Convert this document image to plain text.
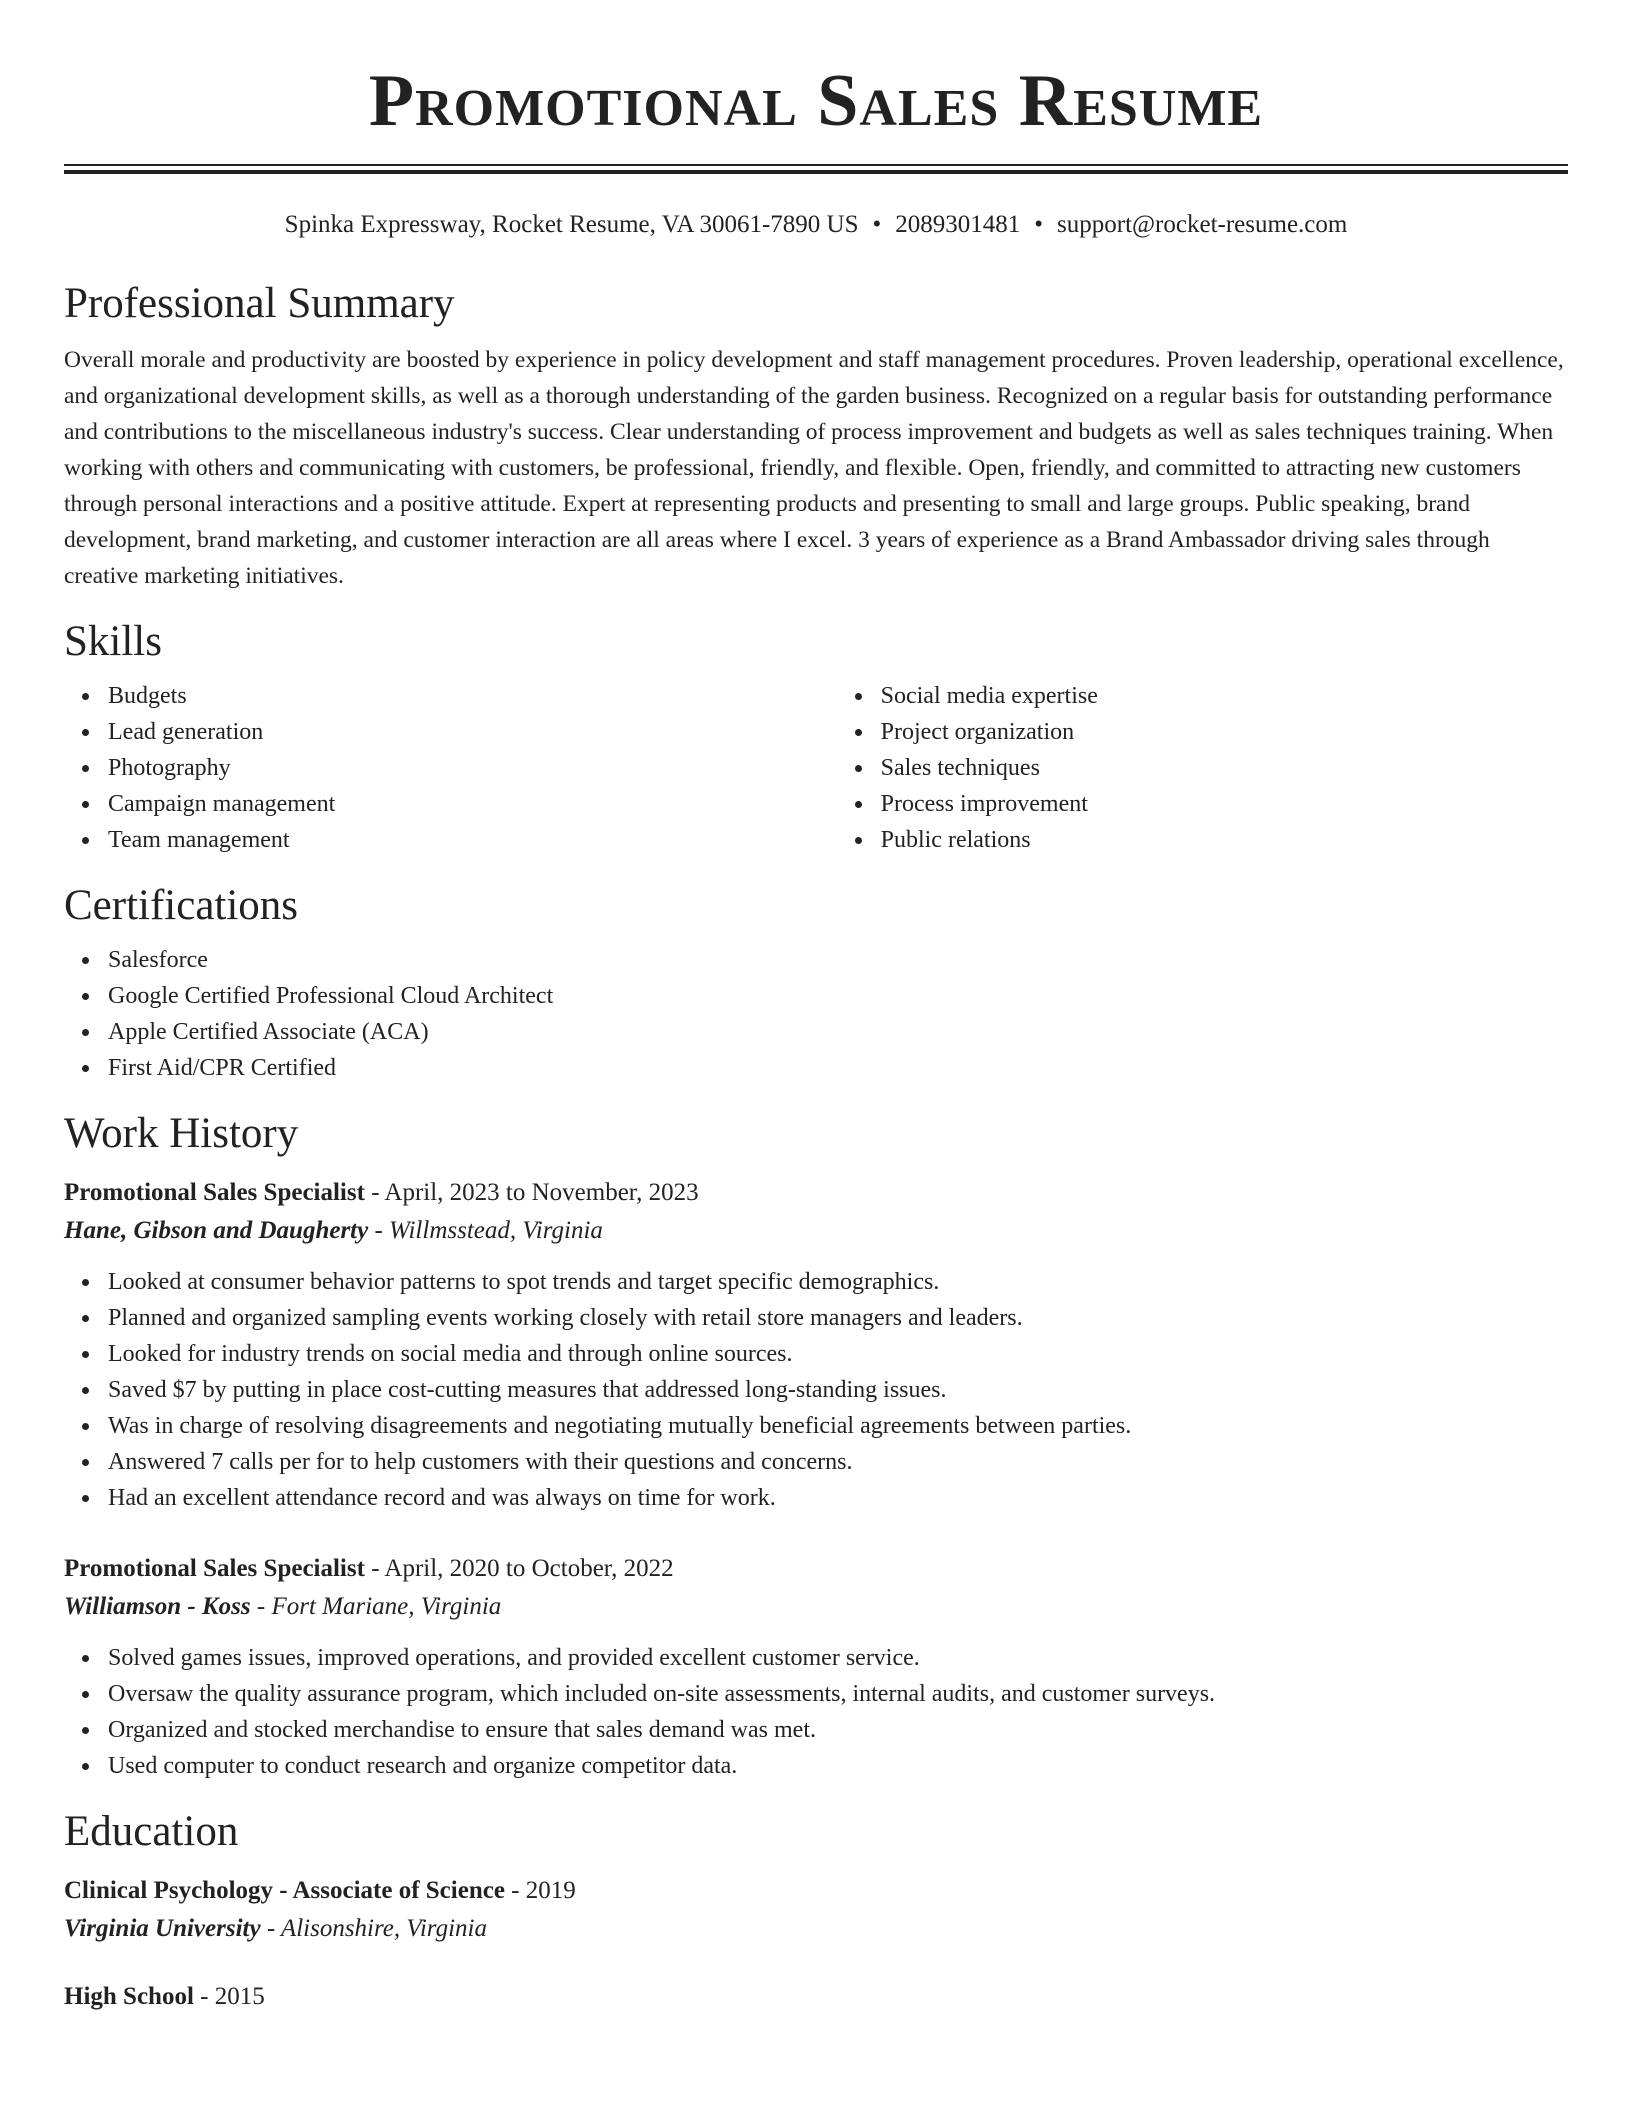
Promotional Sales Resume
Spinka Expressway, Rocket Resume, VA 30061-7890 US • 2089301481 • support@rocket-resume.com
Professional Summary

Overall morale and productivity are boosted by experience in policy development and staff management procedures. Proven leadership, operational excellence, and organizational development skills, as well as a thorough understanding of the garden business. Recognized on a regular basis for outstanding performance and contributions to the miscellaneous industry's success. Clear understanding of process improvement and budgets as well as sales techniques training. When working with others and communicating with customers, be professional, friendly, and flexible. Open, friendly, and committed to attracting new customers through personal interactions and a positive attitude. Expert at representing products and presenting to small and large groups. Public speaking, brand development, brand marketing, and customer interaction are all areas where I excel. 3 years of experience as a Brand Ambassador driving sales through creative marketing initiatives.

Skills
Budgets
Lead generation
Photography
Campaign management
Team management
Social media expertise
Project organization
Sales techniques
Process improvement
Public relations
Certifications
Salesforce
Google Certified Professional Cloud Architect
Apple Certified Associate (ACA)
First Aid/CPR Certified
Work History
Promotional Sales Specialist - April, 2023 to November, 2023
Hane, Gibson and Daugherty - Willmsstead, Virginia
Looked at consumer behavior patterns to spot trends and target specific demographics.
Planned and organized sampling events working closely with retail store managers and leaders.
Looked for industry trends on social media and through online sources.
Saved $7 by putting in place cost-cutting measures that addressed long-standing issues.
Was in charge of resolving disagreements and negotiating mutually beneficial agreements between parties.
Answered 7 calls per for to help customers with their questions and concerns.
Had an excellent attendance record and was always on time for work.
Promotional Sales Specialist - April, 2020 to October, 2022
Williamson - Koss - Fort Mariane, Virginia
Solved games issues, improved operations, and provided excellent customer service.
Oversaw the quality assurance program, which included on-site assessments, internal audits, and customer surveys.
Organized and stocked merchandise to ensure that sales demand was met.
Used computer to conduct research and organize competitor data.
Education
Clinical Psychology - Associate of Science - 2019
Virginia University - Alisonshire, Virginia
High School - 2015
